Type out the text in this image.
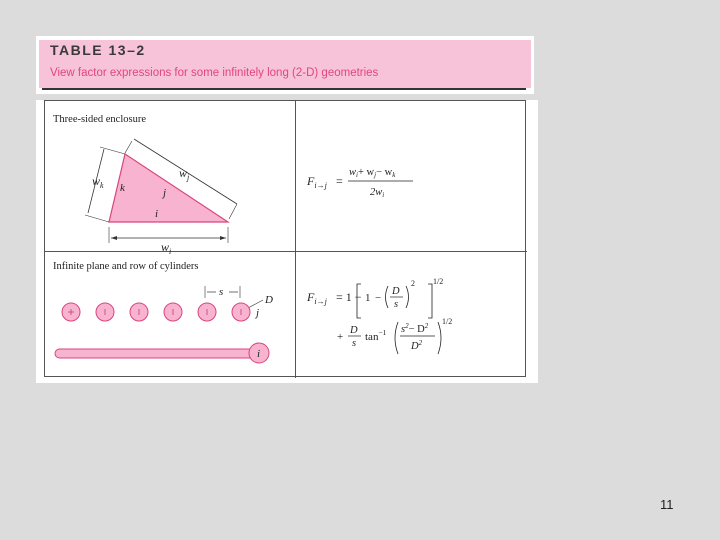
TABLE 13–2
View factor expressions for some infinitely long (2-D) geometries
Three-sided enclosure
$w_k$
$w_j$
$w_i$
k	j
i
$F_{i\to j}$ =
wi+ wj− wk
2wi
Infinite plane and row of cylinders
s
D
j
i
$F_{i\to j} = 1 - 1$ −
D
s
2 1/2
+
D
s
$\tan^{-1} s^2- D^2$
$D^2$
1/2
11
